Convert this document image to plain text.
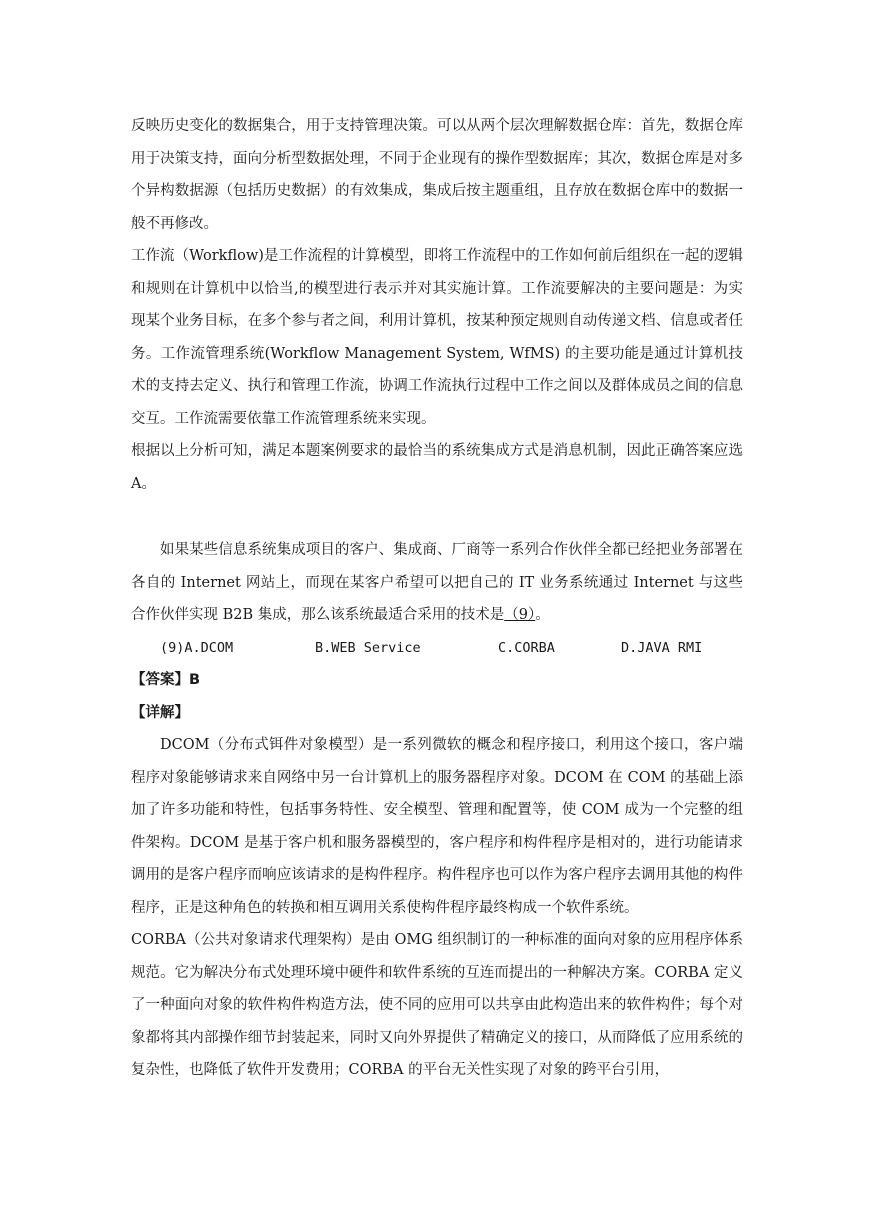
反映历史变化的数据集合，用于支持管理决策。可以从两个层次理解数据仓库：首先，数据仓库用于决策支持，面向分析型数据处理，不同于企业现有的操作型数据库；其次，数据仓库是对多个异构数据源（包括历史数据）的有效集成，集成后按主题重组，且存放在数据仓库中的数据一般不再修改。

工作流（Workflow)是工作流程的计算模型，即将工作流程中的工作如何前后组织在一起的逻辑和规则在计算机中以恰当,的模型进行表示并对其实施计算。工作流要解决的主要问题是：为实现某个业务目标，在多个参与者之间，利用计算机，按某种预定规则自动传递文档、信息或者任务。工作流管理系统(Workflow Management System, WfMS) 的主要功能是通过计算机技术的支持去定义、执行和管理工作流，协调工作流执行过程中工作之间以及群体成员之间的信息交互。工作流需要依靠工作流管理系统来实现。

根据以上分析可知，满足本题案例要求的最恰当的系统集成方式是消息机制，因此正确答案应选 A。

如果某些信息系统集成项目的客户、集成商、厂商等一系列合作伙伴全都已经把业务部署在各自的 Internet 网站上，而现在某客户希望可以把自己的 IT 业务系统通过 Internet 与这些合作伙伴实现 B2B 集成，那么该系统最适合采用的技术是（9）。

(9)A.DCOM	B.WEB Service	C.CORBA	D.JAVA RMI

【答案】B

【详解】

DCOM（分布式铒件对象模型）是一系列微软的概念和程序接口，利用这个接口，客户端程序对象能够请求来自网络中另一台计算机上的服务器程序对象。DCOM 在 COM 的基础上添加了许多功能和特性，包括事务特性、安全模型、管理和配置等，使 COM 成为一个完整的组件架构。DCOM 是基于客户机和服务器模型的，客户程序和构件程序是相对的，进行功能请求调用的是客户程序而响应该请求的是构件程序。构件程序也可以作为客户程序去调用其他的构件程序，正是这种角色的转换和相互调用关系使构件程序最终构成一个软件系统。

CORBA（公共对象请求代理架构）是由 OMG 组织制订的一种标准的面向对象的应用程序体系规范。它为解决分布式处理环境中硬件和软件系统的互连而提出的一种解决方案。CORBA 定义了一种面向对象的软件构件构造方法，使不同的应用可以共享由此构造出来的软件构件；每个对象都将其内部操作细节封装起来，同时又向外界提供了精确定义的接口，从而降低了应用系统的复杂性，也降低了软件开发费用；CORBA 的平台无关性实现了对象的跨平台引用，
